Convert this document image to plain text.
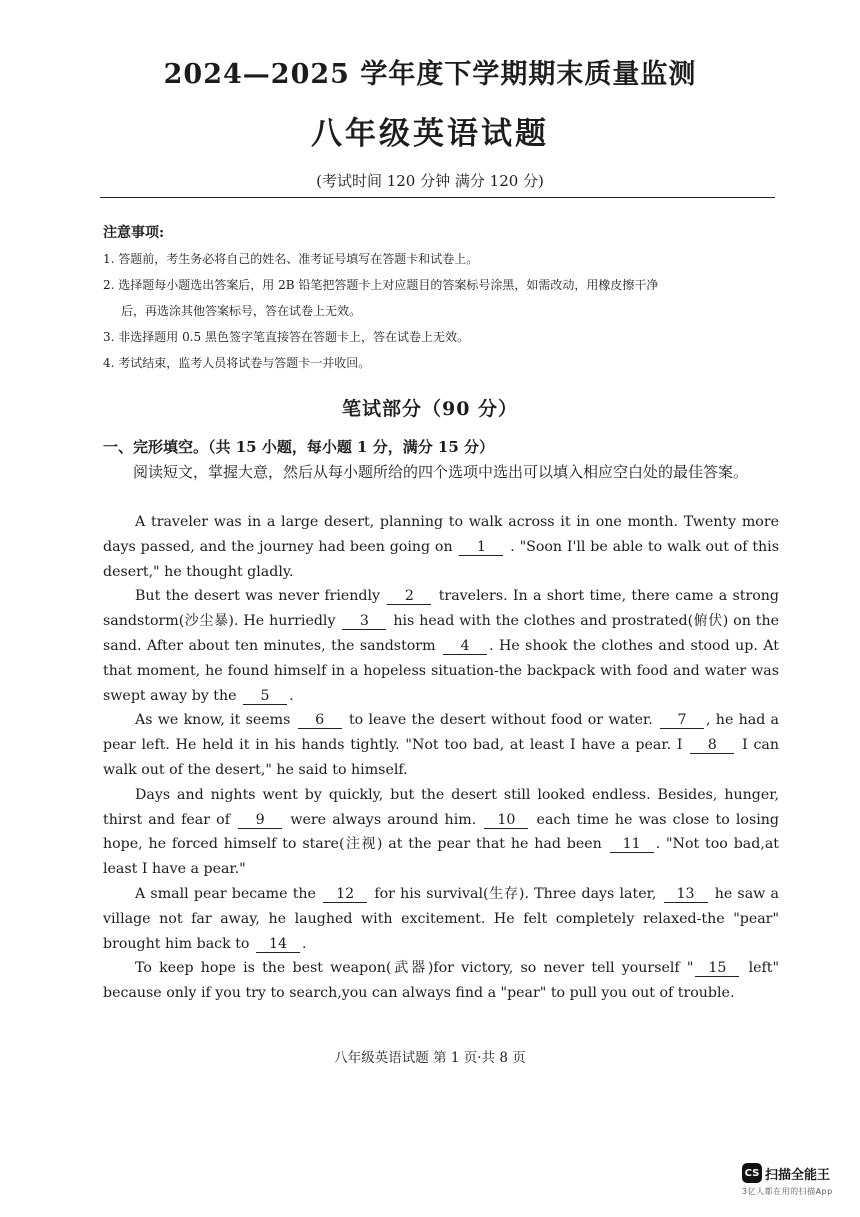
2024—2025 学年度下学期期末质量监测
八年级英语试题
(考试时间 120 分钟 满分 120 分)
注意事项:
1. 答题前，考生务必将自己的姓名、准考证号填写在答题卡和试卷上。
2. 选择题每小题选出答案后，用 2B 铅笔把答题卡上对应题目的答案标号涂黑，如需改动，用橡皮擦干净
后，再选涂其他答案标号，答在试卷上无效。
3. 非选择题用 0.5 黑色签字笔直接答在答题卡上，答在试卷上无效。
4. 考试结束，监考人员将试卷与答题卡一并收回。
笔试部分（90 分）
一、完形填空。（共 15 小题，每小题 1 分，满分 15 分）
阅读短文，掌握大意，然后从每小题所给的四个选项中选出可以填入相应空白处的最佳答案。

A traveler was in a large desert, planning to walk across it in one month. Twenty more days passed, and the journey had been going on 1 . "Soon I'll be able to walk out of this desert," he thought gladly.

But the desert was never friendly 2 travelers. In a short time, there came a strong sandstorm(沙尘暴). He hurriedly 3 his head with the clothes and prostrated(俯伏) on the sand. After about ten minutes, the sandstorm 4 . He shook the clothes and stood up. At that moment, he found himself in a hopeless situation-the backpack with food and water was swept away by the 5 .

As we know, it seems 6 to leave the desert without food or water. 7 , he had a pear left. He held it in his hands tightly. "Not too bad, at least I have a pear. I 8 I can walk out of the desert," he said to himself.

Days and nights went by quickly, but the desert still looked endless. Besides, hunger, thirst and fear of 9 were always around him. 10 each time he was close to losing hope, he forced himself to stare(注视) at the pear that he had been 11 . "Not too bad,at least I have a pear."

A small pear became the 12 for his survival(生存). Three days later, 13 he saw a village not far away, he laughed with excitement. He felt completely relaxed-the "pear" brought him back to 14 .

To keep hope is the best weapon(武器)for victory, so never tell yourself " 15 left" because only if you try to search,you can always find a "pear" to pull you out of trouble.

八年级英语试题 第 1 页·共 8 页
CS 扫描全能王
3亿人都在用的扫描App
